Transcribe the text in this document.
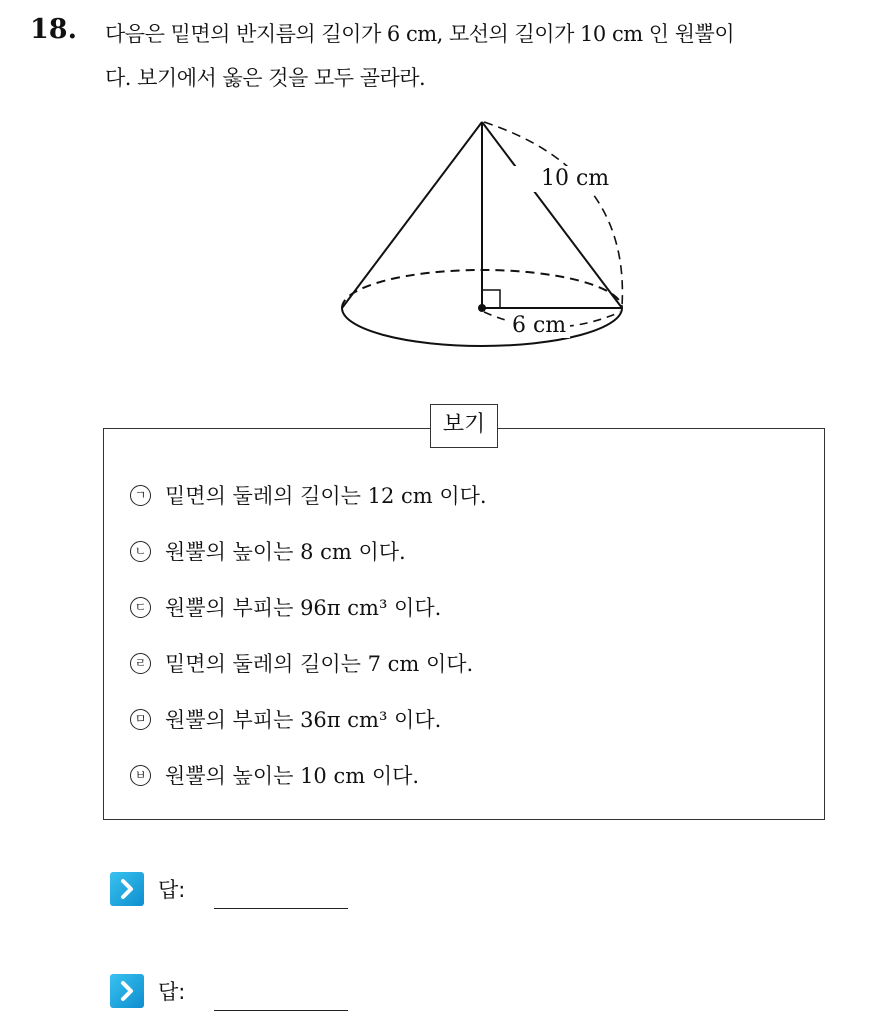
18. 다음은 밑면의 반지름의 길이가 6 cm, 모선의 길이가 10 cm 인 원뿔이
다. 보기에서 옳은 것을 모두 골라라.
10 cm
6 cm
보기
ㄱ 밑면의 둘레의 길이는 12 cm 이다.
ㄴ 원뿔의 높이는 8 cm 이다.
ㄷ 원뿔의 부피는 96π cm³ 이다.
ㄹ 밑면의 둘레의 길이는 7 cm 이다.
ㅁ 원뿔의 부피는 36π cm³ 이다.
ㅂ 원뿔의 높이는 10 cm 이다.
답:
답:
